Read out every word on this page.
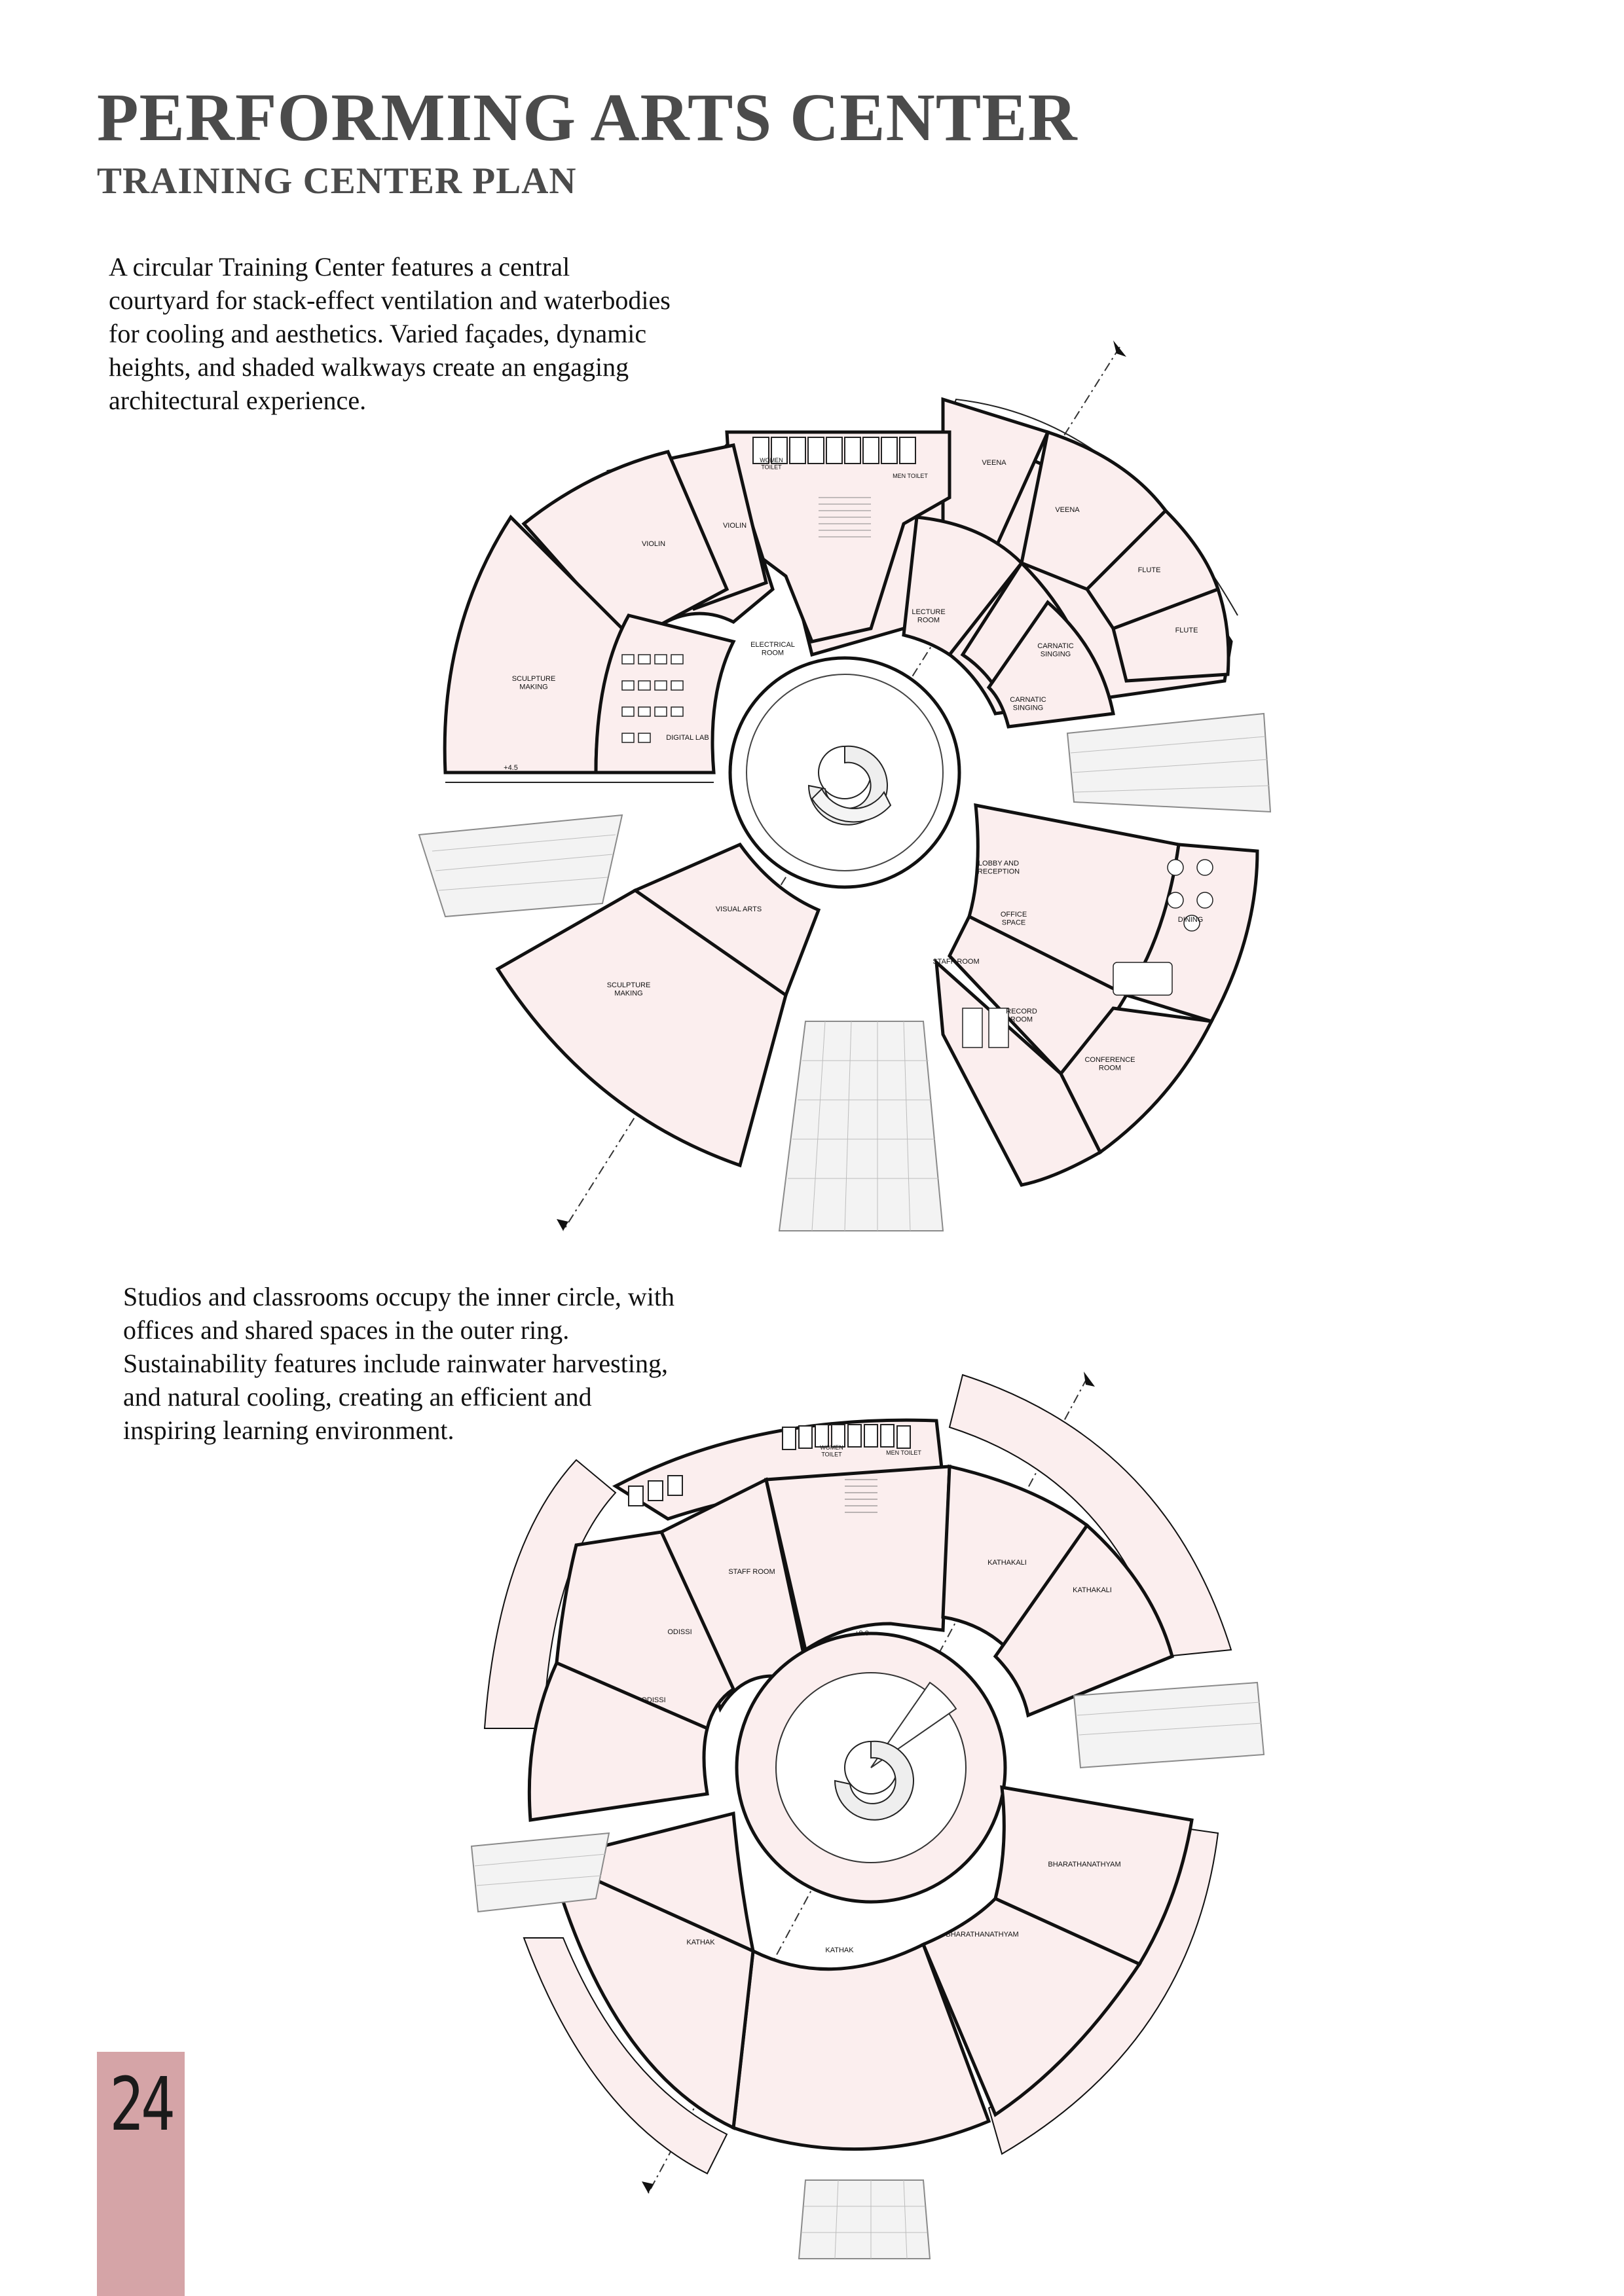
PERFORMING ARTS CENTER
TRAINING CENTER PLAN

A circular Training Center features a central
courtyard for stack-effect ventilation and waterbodies
for cooling and aesthetics. Varied façades, dynamic
heights, and shaded walkways create an engaging
architectural experience.

Studios and classrooms occupy the inner circle, with
offices and shared spaces in the outer ring.
Sustainability features include rainwater harvesting,
and natural cooling, creating an efficient and
inspiring learning environment.

VEENA
VEENA
FLUTE
FLUTE
VIOLIN
VIOLIN
LECTURE ROOM
CARNATIC SINGING
CARNATIC SINGING
ELECTRICAL ROOM
SCULPTURE MAKING
DIGITAL LAB
LOBBY AND RECEPTION
OFFICE SPACE	DINING
STAFF ROOM
RECORD ROOM
CONFERENCE ROOM
VISUAL ARTS
SCULPTURE MAKING
WOMEN TOILET
MEN TOILET
+4.5
STAFF ROOM
KATHAKALI
KATHAKALI
ODISSI
ODISSI
BHARATHANATHYAM
BHARATHANATHYAM
KATHAK
KATHAK
WOMEN TOILET	MEN TOILET
+9.0
24
